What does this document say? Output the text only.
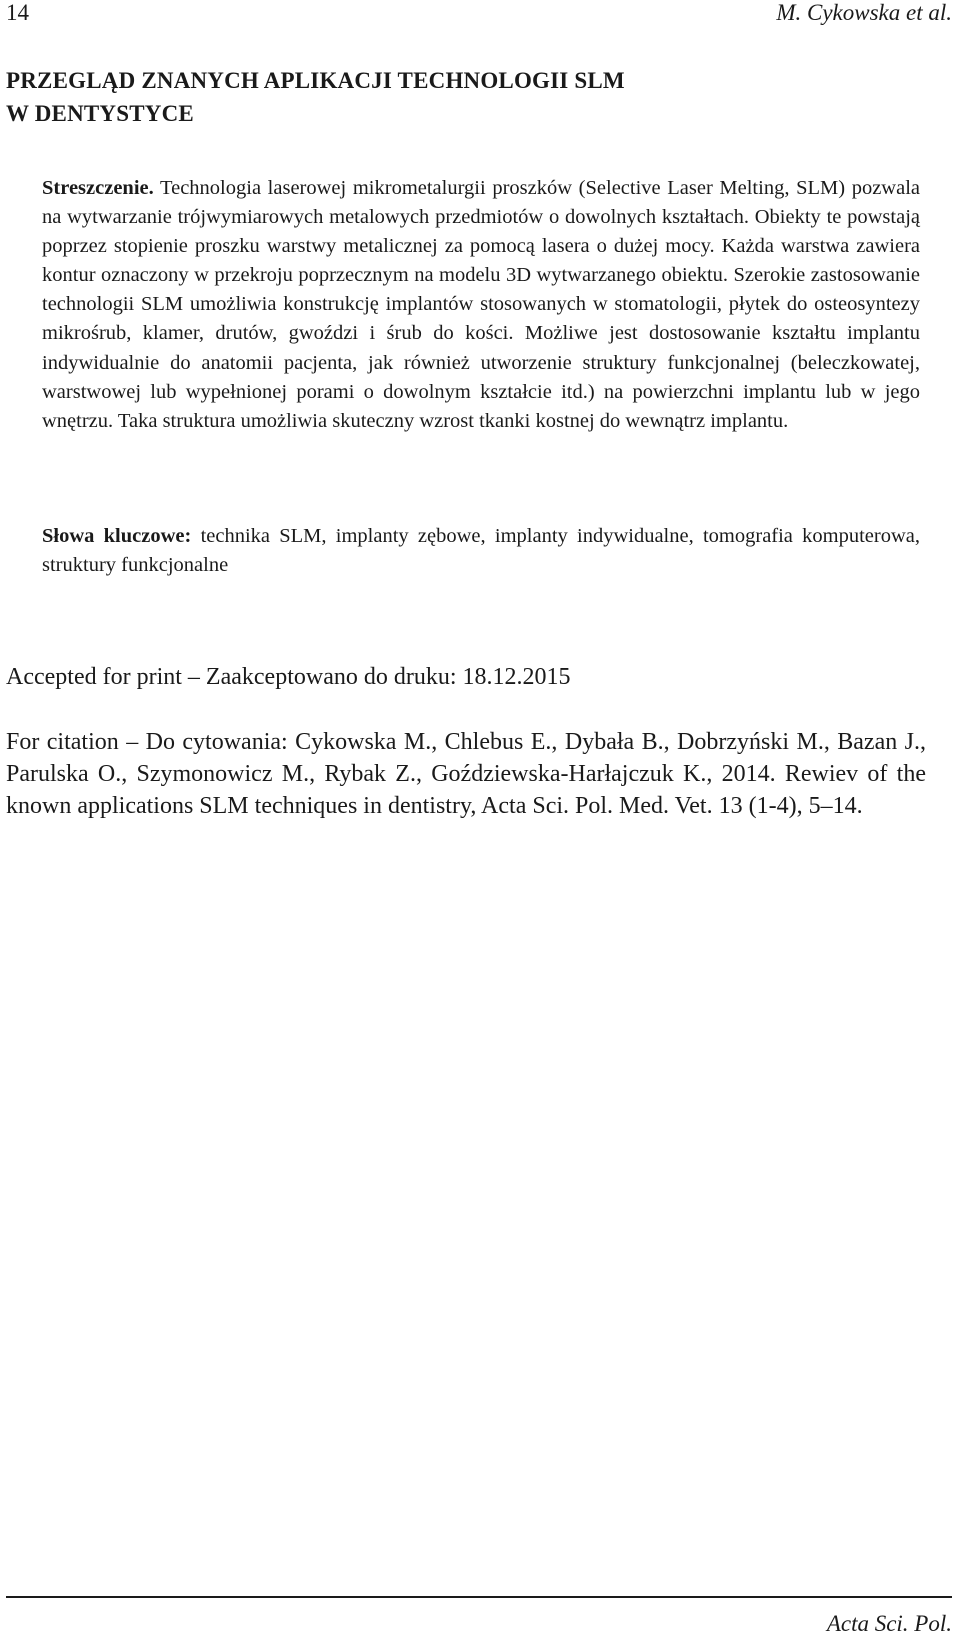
14	M. Cykowska et al.
PRZEGLĄD ZNANYCH APLIKACJI TECHNOLOGII SLM
W DENTYSTYCE

Streszczenie. Technologia laserowej mikrometalurgii proszków (Selective Laser Melting, SLM) pozwala na wytwarzanie trójwymiarowych metalowych przedmiotów o dowolnych kształtach. Obiekty te powstają poprzez stopienie proszku warstwy metalicznej za pomocą lasera o dużej mocy. Każda warstwa zawiera kontur oznaczony w przekroju poprzecznym na modelu 3D wytwarzanego obiektu. Szerokie zastosowanie technologii SLM umożliwia konstrukcję implantów stosowanych w stomatologii, płytek do osteosyntezy mikrośrub, klamer, drutów, gwoździ i śrub do kości. Możliwe jest dostosowanie kształtu implantu indywidualnie do anatomii pacjenta, jak również utworzenie struktury funkcjonalnej (beleczkowatej, warstwowej lub wypełnionej porami o dowolnym kształcie itd.) na powierzchni implantu lub w jego wnętrzu. Taka struktura umożliwia skuteczny wzrost tkanki kostnej do wewnątrz implantu.

Słowa kluczowe: technika SLM, implanty zębowe, implanty indywidualne, tomografia komputerowa, struktury funkcjonalne

Accepted for print – Zaakceptowano do druku: 18.12.2015

For citation – Do cytowania: Cykowska M., Chlebus E., Dybała B., Dobrzyński M., Bazan J., Parulska O., Szymonowicz M., Rybak Z., Goździewska-Harłajczuk K., 2014. Rewiev of the known applications SLM techniques in dentistry, Acta Sci. Pol. Med. Vet. 13 (1-4), 5–14.

Acta Sci. Pol.
